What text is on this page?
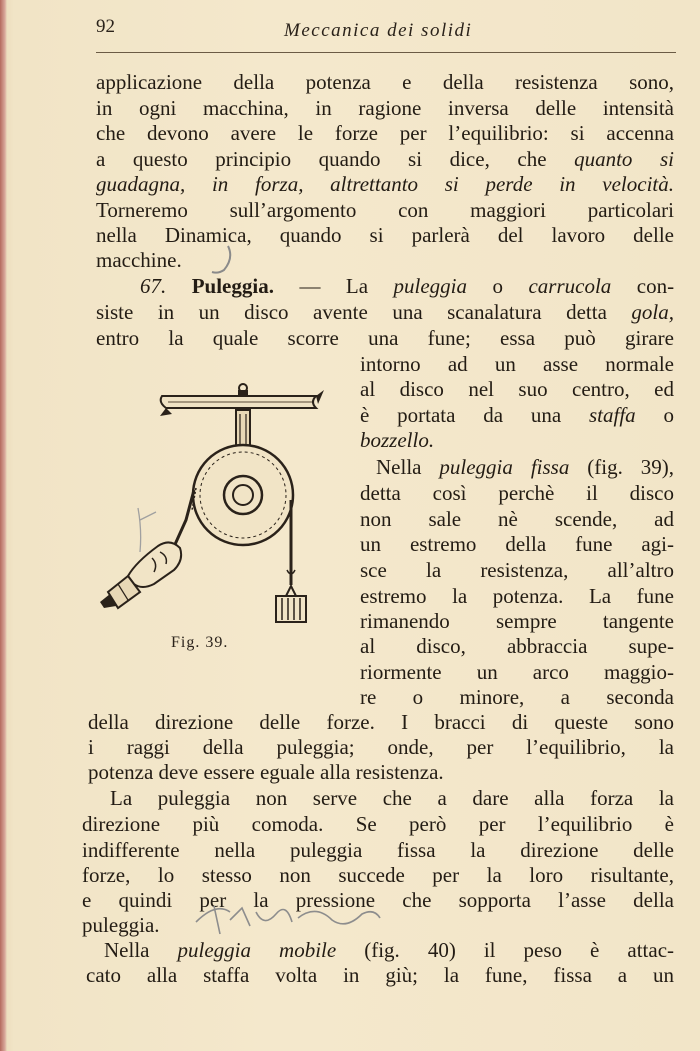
92	Meccanica dei solidi
applicazione della potenza e della resistenza sono,
in ogni macchina, in ragione inversa delle intensità
che devono avere le forze per l’equilibrio: si accenna
a questo principio quando si dice, che quanto si
guadagna, in forza, altrettanto si perde in velocità.
Torneremo sull’argomento con maggiori particolari
nella Dinamica, quando si parlerà del lavoro delle
macchine.
67. Puleggia. — La puleggia o carrucola con-
siste in un disco avente una scanalatura detta gola,
entro la quale scorre una fune; essa può girare
intorno ad un asse normale
al disco nel suo centro, ed
è portata da una staffa o
bozzello.
Nella puleggia fissa (fig. 39),
detta così perchè il disco
non sale nè scende, ad
un estremo della fune agi-
sce la resistenza, all’altro
estremo la potenza. La fune
rimanendo sempre tangente
al disco, abbraccia supe-
riormente un arco maggio-
re o minore, a seconda
della direzione delle forze. I bracci di queste sono
i raggi della puleggia; onde, per l’equilibrio, la
potenza deve essere eguale alla resistenza.
La puleggia non serve che a dare alla forza la
direzione più comoda. Se però per l’equilibrio è
indifferente nella puleggia fissa la direzione delle
forze, lo stesso non succede per la loro risultante,
e quindi per la pressione che sopporta l’asse della
puleggia.
Nella puleggia mobile (fig. 40) il peso è attac-
cato alla staffa volta in giù; la fune, fissa a un
Fig. 39.
